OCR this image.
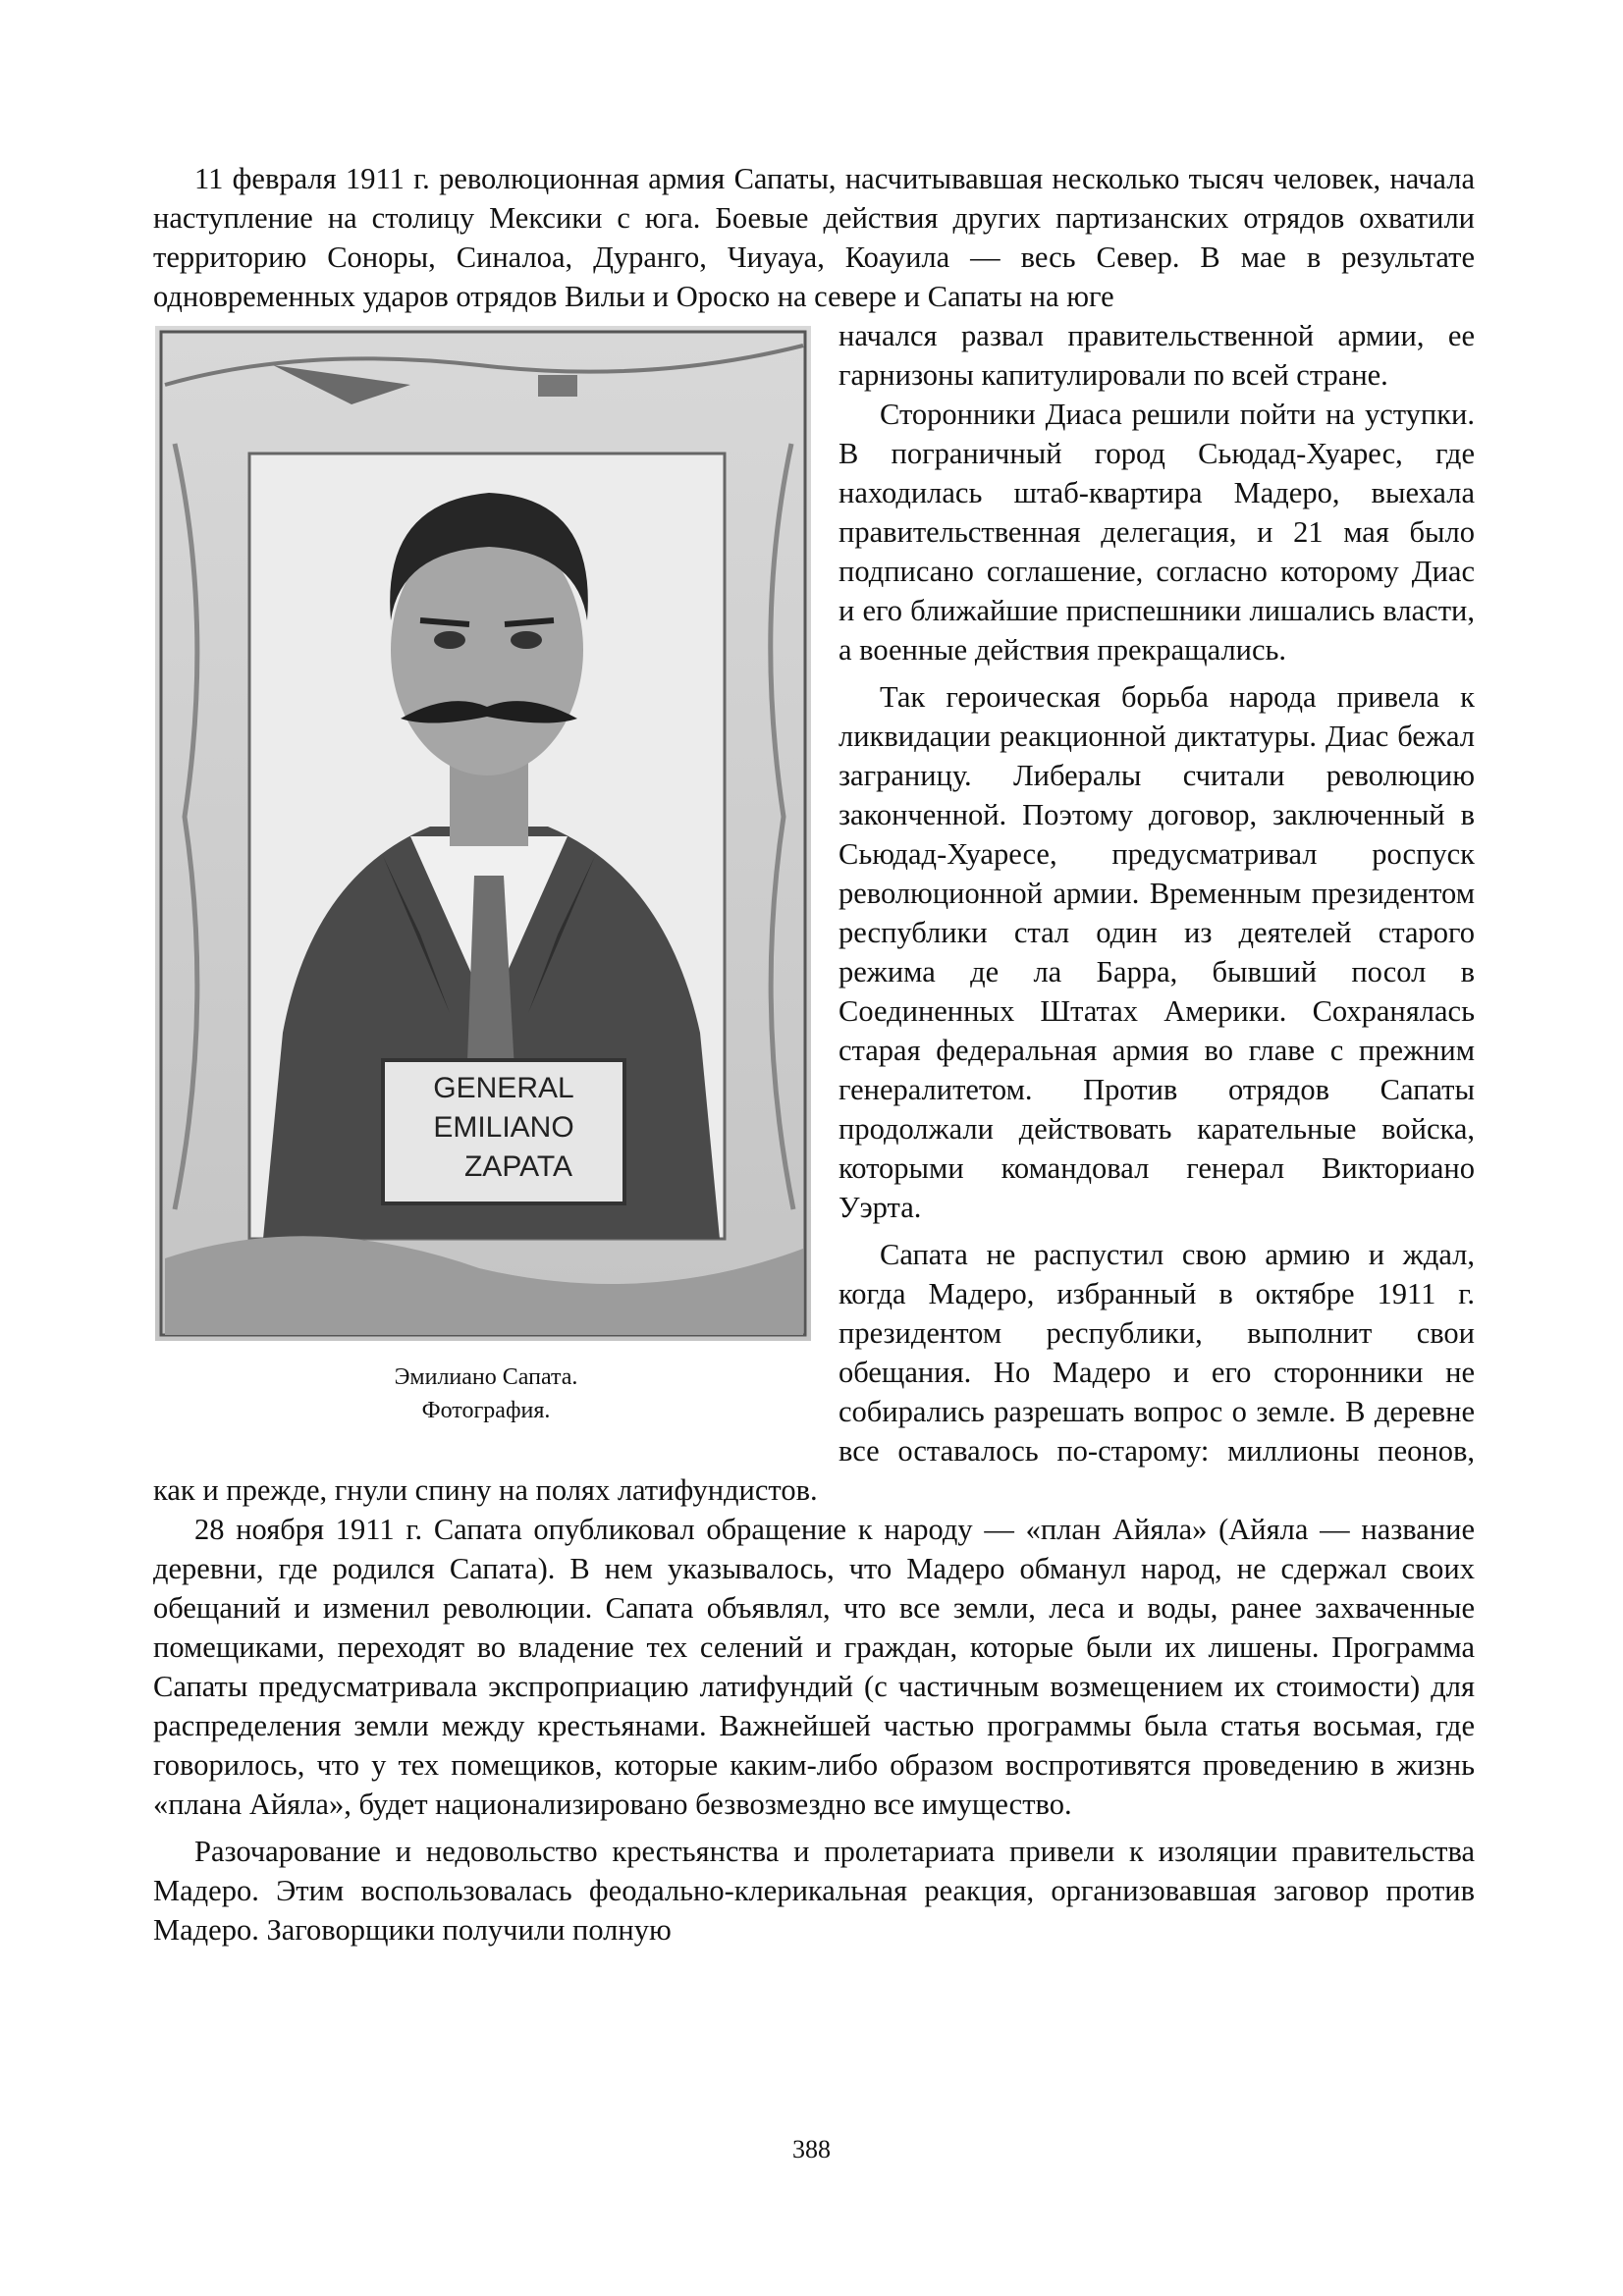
11 февраля 1911 г. революционная армия Сапаты, насчитывавшая несколько тысяч человек, начала наступление на столицу Мексики с юга. Боевые действия других партизанских отрядов охватили территорию Соноры, Синалоа, Дуранго, Чиуауа, Коауила — весь Север. В мае в результате одновременных ударов отрядов Вильи и Ороско на севере и Сапаты на юге

GENERAL
EMILIANO
ZAPATA
Эмилиано Сапата.
Фотография.

начался развал правительственной армии, ее гарнизоны капитулировали по всей стране.

Сторонники Диаса решили пойти на уступки. В пограничный город Сьюдад-Хуарес, где находилась штаб-квартира Мадеро, выехала правительственная делегация, и 21 мая было подписано соглашение, согласно которому Диас и его ближайшие приспешники лишались власти, а военные действия прекращались.

Так героическая борьба народа привела к ликвидации реакционной диктатуры. Диас бежал заграницу. Либералы считали революцию законченной. Поэтому договор, заключенный в Сьюдад-Хуаресе, предусматривал роспуск революционной армии. Временным президентом республики стал один из деятелей старого режима де ла Барра, бывший посол в Соединенных Штатах Америки. Сохранялась старая федеральная армия во главе с прежним генералитетом. Против отрядов Сапаты продолжали действовать карательные войска, которыми командовал генерал Викториано Уэрта.

Сапата не распустил свою армию и ждал, когда Мадеро, избранный в октябре 1911 г. президентом республики, выполнит свои обещания. Но Мадеро и его сторонники не собирались разрешать вопрос о земле. В деревне все оставалось по-старому: миллионы пеонов, как и прежде, гнули спину на полях латифундистов.

28 ноября 1911 г. Сапата опубликовал обращение к народу — «план Айяла» (Айяла — название деревни, где родился Сапата). В нем указывалось, что Мадеро обманул народ, не сдержал своих обещаний и изменил революции. Сапата объявлял, что все земли, леса и воды, ранее захваченные помещиками, переходят во владение тех селений и граждан, которые были их лишены. Программа Сапаты предусматривала экспроприацию латифундий (с частичным возмещением их стоимости) для распределения земли между крестьянами. Важнейшей частью программы была статья восьмая, где говорилось, что у тех помещиков, которые каким-либо образом воспротивятся проведению в жизнь «плана Айяла», будет национализировано безвозмездно все имущество.

Разочарование и недовольство крестьянства и пролетариата привели к изоляции правительства Мадеро. Этим воспользовалась феодально-клерикальная реакция, организовавшая заговор против Мадеро. Заговорщики получили полную

388
